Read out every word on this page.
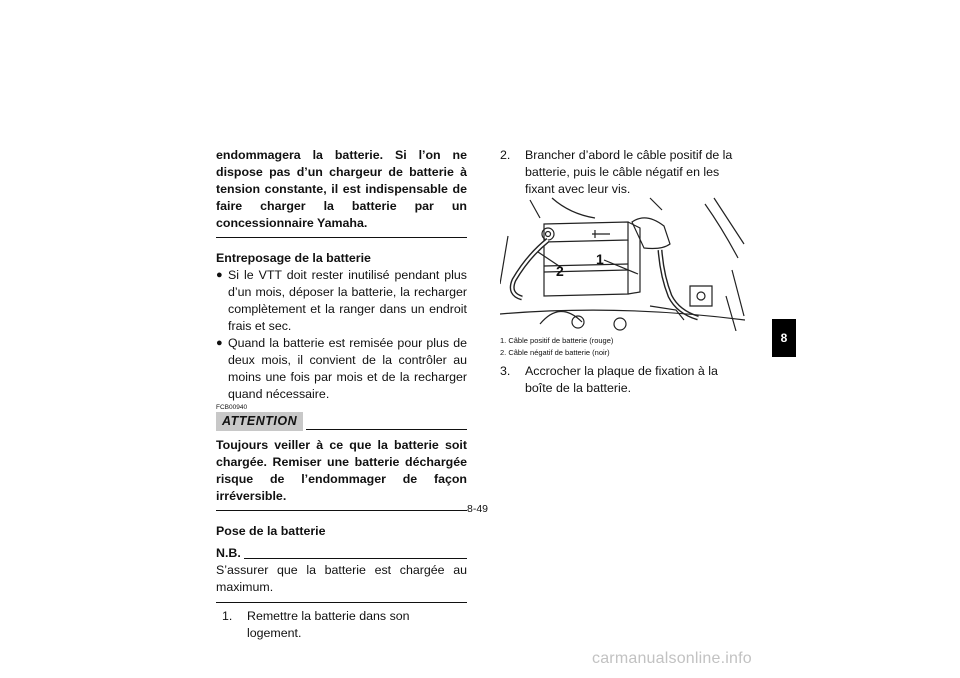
endommagera la batterie. Si l’on ne dispose pas d’un chargeur de batterie à tension constante, il est indispensable de faire charger la batterie par un concessionnaire Yamaha.
Entreposage de la batterie
● Si le VTT doit rester inutilisé pendant plus d’un mois, déposer la batterie, la recharger complètement et la ranger dans un endroit frais et sec.
● Quand la batterie est remisée pour plus de deux mois, il convient de la contrôler au moins une fois par mois et de la recharger quand nécessaire.
FCB00940
ATTENTION
Toujours veiller à ce que la batterie soit chargée. Remiser une batterie déchargée risque de l’endommager de façon irréversible.
Pose de la batterie
N.B.
S’assurer que la batterie est chargée au maximum.
1.	Remettre la batterie dans son logement.
2.	Brancher d’abord le câble positif de la batterie, puis le câble négatif en les fixant avec leur vis.
1
2
1. Câble positif de batterie (rouge)
2. Câble négatif de batterie (noir)
3.	Accrocher la plaque de fixation à la boîte de la batterie.
8
8-49
carmanualsonline.info
